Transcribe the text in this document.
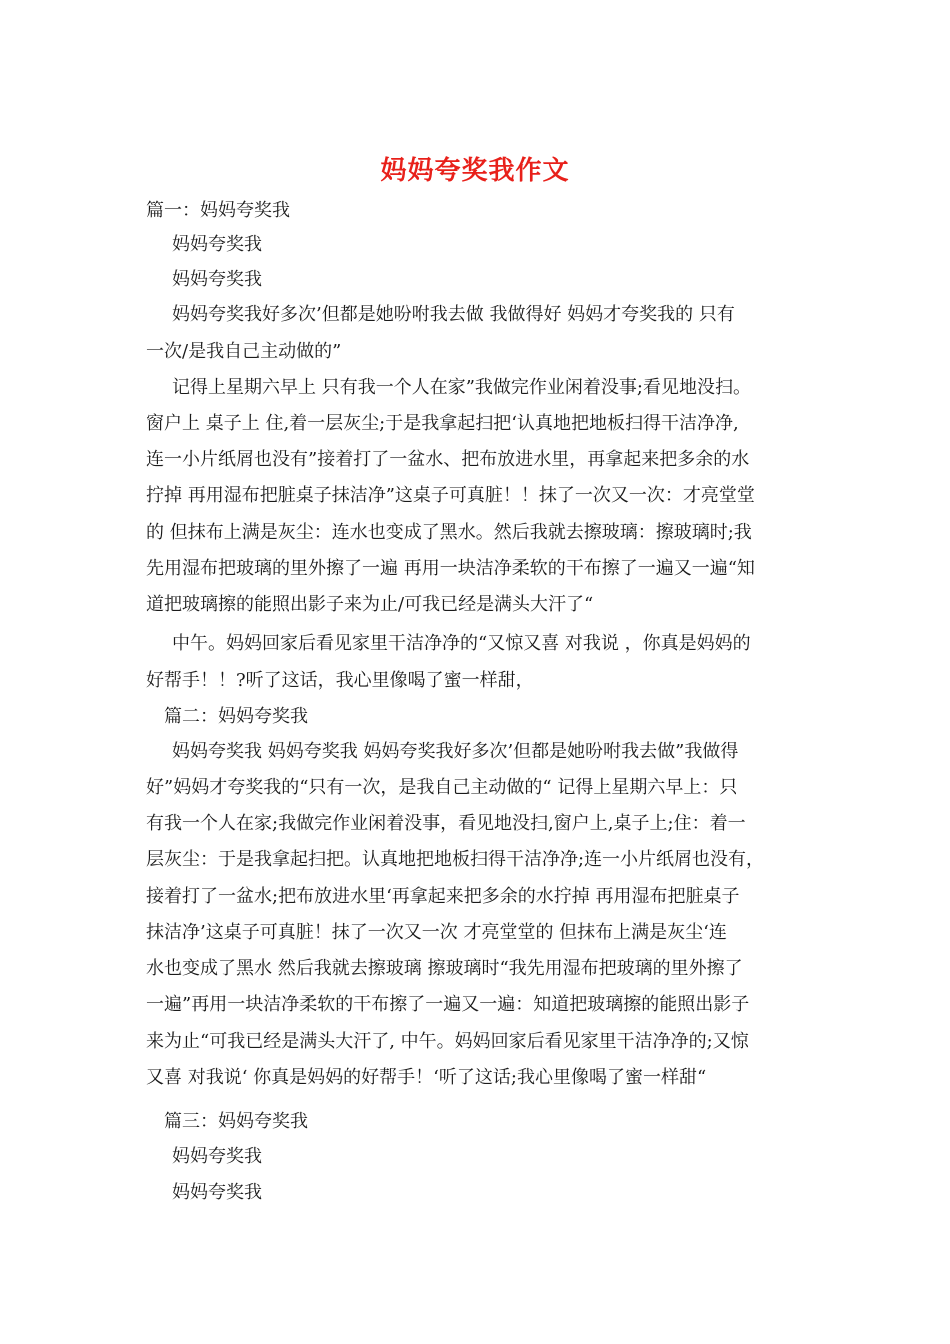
妈妈夸奖我作文
篇一：妈妈夸奖我
妈妈夸奖我
妈妈夸奖我
妈妈夸奖我好多次’但都是她吩咐我去做 我做得好 妈妈才夸奖我的 只有
一次/是我自己主动做的”
记得上星期六早上 只有我一个人在家”我做完作业闲着没事;看见地没扫。
窗户上 桌子上 住,着一层灰尘;于是我拿起扫把‘认真地把地板扫得干洁净净,
连一小片纸屑也没有”接着打了一盆水、把布放进水里，再拿起来把多余的水
拧掉 再用湿布把脏桌子抹洁净”这桌子可真脏！！抹了一次又一次：才亮堂堂
的 但抹布上满是灰尘：连水也变成了黑水。然后我就去擦玻璃：擦玻璃时;我
先用湿布把玻璃的里外擦了一遍 再用一块洁净柔软的干布擦了一遍又一遍“知
道把玻璃擦的能照出影子来为止/可我已经是满头大汗了“
中午。妈妈回家后看见家里干洁净净的“又惊又喜 对我说 ，你真是妈妈的
好帮手！！?听了这话，我心里像喝了蜜一样甜，
篇二：妈妈夸奖我
妈妈夸奖我 妈妈夸奖我 妈妈夸奖我好多次’但都是她吩咐我去做”我做得
好”妈妈才夸奖我的“只有一次，是我自己主动做的“ 记得上星期六早上：只
有我一个人在家;我做完作业闲着没事，看见地没扫,窗户上,桌子上;住：着一
层灰尘：于是我拿起扫把。认真地把地板扫得干洁净净;连一小片纸屑也没有，
接着打了一盆水;把布放进水里‘再拿起来把多余的水拧掉 再用湿布把脏桌子
抹洁净’这桌子可真脏！抹了一次又一次 才亮堂堂的 但抹布上满是灰尘‘连
水也变成了黑水 然后我就去擦玻璃 擦玻璃时“我先用湿布把玻璃的里外擦了
一遍”再用一块洁净柔软的干布擦了一遍又一遍：知道把玻璃擦的能照出影子
来为止“可我已经是满头大汗了, 中午。妈妈回家后看见家里干洁净净的;又惊
又喜 对我说‘ 你真是妈妈的好帮手！‘听了这话;我心里像喝了蜜一样甜“
篇三：妈妈夸奖我
妈妈夸奖我
妈妈夸奖我
